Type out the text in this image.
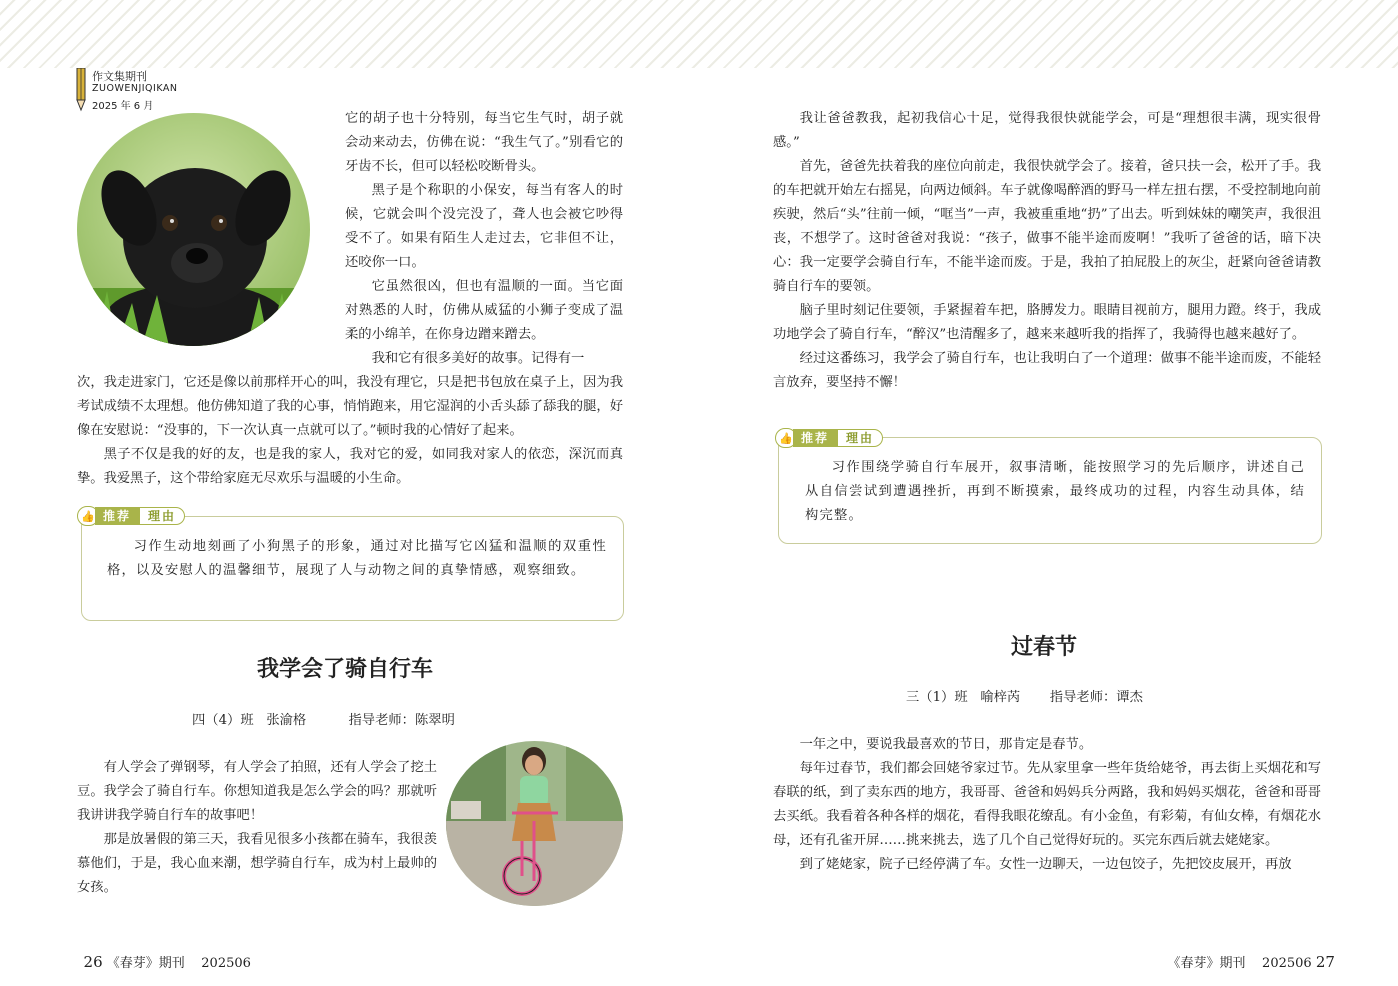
作文集期刊
ZUOWENJIQIKAN
2025 年 6 月

它的胡子也十分特别，每当它生气时，胡子就会动来动去，仿佛在说：“我生气了。”别看它的牙齿不长，但可以轻松咬断骨头。

黑子是个称职的小保安，每当有客人的时候，它就会叫个没完没了，聋人也会被它吵得受不了。如果有陌生人走过去，它非但不让，还咬你一口。

它虽然很凶，但也有温顺的一面。当它面对熟悉的人时，仿佛从威猛的小狮子变成了温柔的小绵羊，在你身边蹭来蹭去。

我和它有很多美好的故事。记得有一

次，我走进家门，它还是像以前那样开心的叫，我没有理它，只是把书包放在桌子上，因为我考试成绩不太理想。他仿佛知道了我的心事，悄悄跑来，用它湿润的小舌头舔了舔我的腿，好像在安慰说：“没事的，下一次认真一点就可以了。”顿时我的心情好了起来。

黑子不仅是我的好的友，也是我的家人，我对它的爱，如同我对家人的依恋，深沉而真挚。我爱黑子，这个带给家庭无尽欢乐与温暖的小生命。

👍 推荐	理由

习作生动地刻画了小狗黑子的形象，通过对比描写它凶猛和温顺的双重性格，以及安慰人的温馨细节，展现了人与动物之间的真挚情感，观察细致。

我学会了骑自行车
四（4）班   张渝格          指导老师：陈翠明

有人学会了弹钢琴，有人学会了拍照，还有人学会了挖土豆。我学会了骑自行车。你想知道我是怎么学会的吗？那就听我讲讲我学骑自行车的故事吧！

那是放暑假的第三天，我看见很多小孩都在骑车，我很羡慕他们，于是，我心血来潮，想学骑自行车，成为村上最帅的女孩。

26 《春芽》期刊    202506

我让爸爸教我，起初我信心十足，觉得我很快就能学会，可是“理想很丰满，现实很骨感。”

首先，爸爸先扶着我的座位向前走，我很快就学会了。接着，爸只扶一会，松开了手。我的车把就开始左右摇晃，向两边倾斜。车子就像喝醉酒的野马一样左扭右摆，不受控制地向前疾驶，然后“头”往前一倾，“哐当”一声，我被重重地“扔”了出去。听到妹妹的嘲笑声，我很沮丧，不想学了。这时爸爸对我说：“孩子，做事不能半途而废啊！”我听了爸爸的话，暗下决心：我一定要学会骑自行车，不能半途而废。于是，我拍了拍屁股上的灰尘，赶紧向爸爸请教骑自行车的要领。

脑子里时刻记住要领，手紧握着车把，胳膊发力。眼睛目视前方，腿用力蹬。终于，我成功地学会了骑自行车，“醉汉”也清醒多了，越来来越听我的指挥了，我骑得也越来越好了。

经过这番练习，我学会了骑自行车，也让我明白了一个道理：做事不能半途而废，不能轻言放弃，要坚持不懈！

👍 推荐	理由

习作围绕学骑自行车展开，叙事清晰，能按照学习的先后顺序，讲述自己从自信尝试到遭遇挫折，再到不断摸索，最终成功的过程，内容生动具体，结构完整。

过春节
三（1）班   喻梓芮       指导老师：谭杰

一年之中，要说我最喜欢的节日，那肯定是春节。

每年过春节，我们都会回姥爷家过节。先从家里拿一些年货给姥爷，再去街上买烟花和写春联的纸，到了卖东西的地方，我哥哥、爸爸和妈妈兵分两路，我和妈妈买烟花，爸爸和哥哥去买纸。我看着各种各样的烟花，看得我眼花缭乱。有小金鱼，有彩菊，有仙女棒，有烟花水母，还有孔雀开屏……挑来挑去，选了几个自己觉得好玩的。买完东西后就去姥姥家。

到了姥姥家，院子已经停满了车。女性一边聊天，一边包饺子，先把饺皮展开，再放

《春芽》期刊    202506 27
